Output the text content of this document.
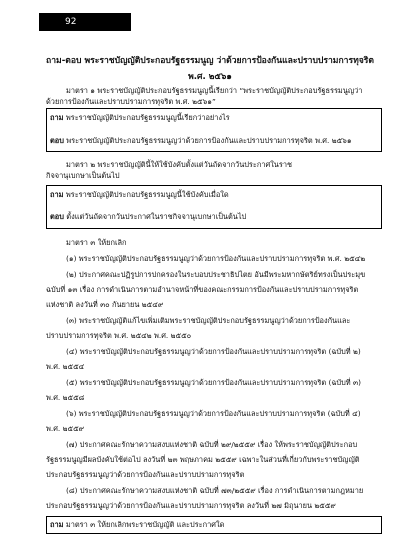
92
ถาม-ตอบ พระราชบัญญัติประกอบรัฐธรรมนูญ ว่าด้วยการป้องกันและปราบปรามการทุจริต
พ.ศ. ๒๕๖๑
มาตรา ๑ พระราชบัญญัติประกอบรัฐธรรมนูญนี้เรียกว่า “พระราชบัญญัติประกอบรัฐธรรมนูญว่า
ด้วยการป้องกันและปราบปรามการทุจริต พ.ศ. ๒๕๖๑”
ถาม พระราชบัญญัติประกอบรัฐธรรมนูญนี้เรียกว่าอย่างไร
ตอบ พระราชบัญญัติประกอบรัฐธรรมนูญว่าด้วยการป้องกันและปราบปรามการทุจริต พ.ศ. ๒๕๖๑
มาตรา ๒ พระราชบัญญัตินี้ให้ใช้บังคับตั้งแต่วันถัดจากวันประกาศในราช
กิจจานุเบกษาเป็นต้นไป
ถาม พระราชบัญญัติประกอบรัฐธรรมนูญนี้ใช้บังคับเมื่อใด
ตอบ ตั้งแต่วันถัดจากวันประกาศในราชกิจจานุเบกษาเป็นต้นไป
มาตรา ๓ ให้ยกเลิก
(๑) พระราชบัญญัติประกอบรัฐธรรมนูญว่าด้วยการป้องกันและปราบปรามการทุจริต พ.ศ. ๒๕๔๒
(๒) ประกาศคณะปฏิรูปการปกครองในระบอบประชาธิปไตย อันมีพระมหากษัตริย์ทรงเป็นประมุข
ฉบับที่ ๑๓ เรื่อง การดำเนินการตามอำนาจหน้าที่ของคณะกรรมการป้องกันและปราบปรามการทุจริต
แห่งชาติ ลงวันที่ ๓๐ กันยายน ๒๕๔๙
(๓) พระราชบัญญัติแก้ไขเพิ่มเติมพระราชบัญญัติประกอบรัฐธรรมนูญว่าด้วยการป้องกันและ
ปราบปรามการทุจริต พ.ศ. ๒๕๔๒ พ.ศ. ๒๕๕๐
(๔) พระราชบัญญัติประกอบรัฐธรรมนูญว่าด้วยการป้องกันและปราบปรามการทุจริต (ฉบับที่ ๒)
พ.ศ. ๒๕๕๔
(๕) พระราชบัญญัติประกอบรัฐธรรมนูญว่าด้วยการป้องกันและปราบปรามการทุจริต (ฉบับที่ ๓)
พ.ศ. ๒๕๕๘
(๖) พระราชบัญญัติประกอบรัฐธรรมนูญว่าด้วยการป้องกันและปราบปรามการทุจริต (ฉบับที่ ๔)
พ.ศ. ๒๕๕๙
(๗) ประกาศคณะรักษาความสงบแห่งชาติ ฉบับที่ ๒๙/๒๕๕๙ เรื่อง ให้พระราชบัญญัติประกอบ
รัฐธรรมนูญมีผลบังคับใช้ต่อไป ลงวันที่ ๒๓ พฤษภาคม ๒๕๕๙ เฉพาะในส่วนที่เกี่ยวกับพระราชบัญญัติ
ประกอบรัฐธรรมนูญว่าด้วยการป้องกันและปราบปรามการทุจริต
(๘) ประกาศคณะรักษาความสงบแห่งชาติ ฉบับที่ ๗๓/๒๕๕๙ เรื่อง การดำเนินการตามกฎหมาย
ประกอบรัฐธรรมนูญว่าด้วยการป้องกันและปราบปรามการทุจริต ลงวันที่ ๒๗ มิถุนายน ๒๕๕๙
ถาม มาตรา ๓ ให้ยกเลิกพระราชบัญญัติ และประกาศใด
